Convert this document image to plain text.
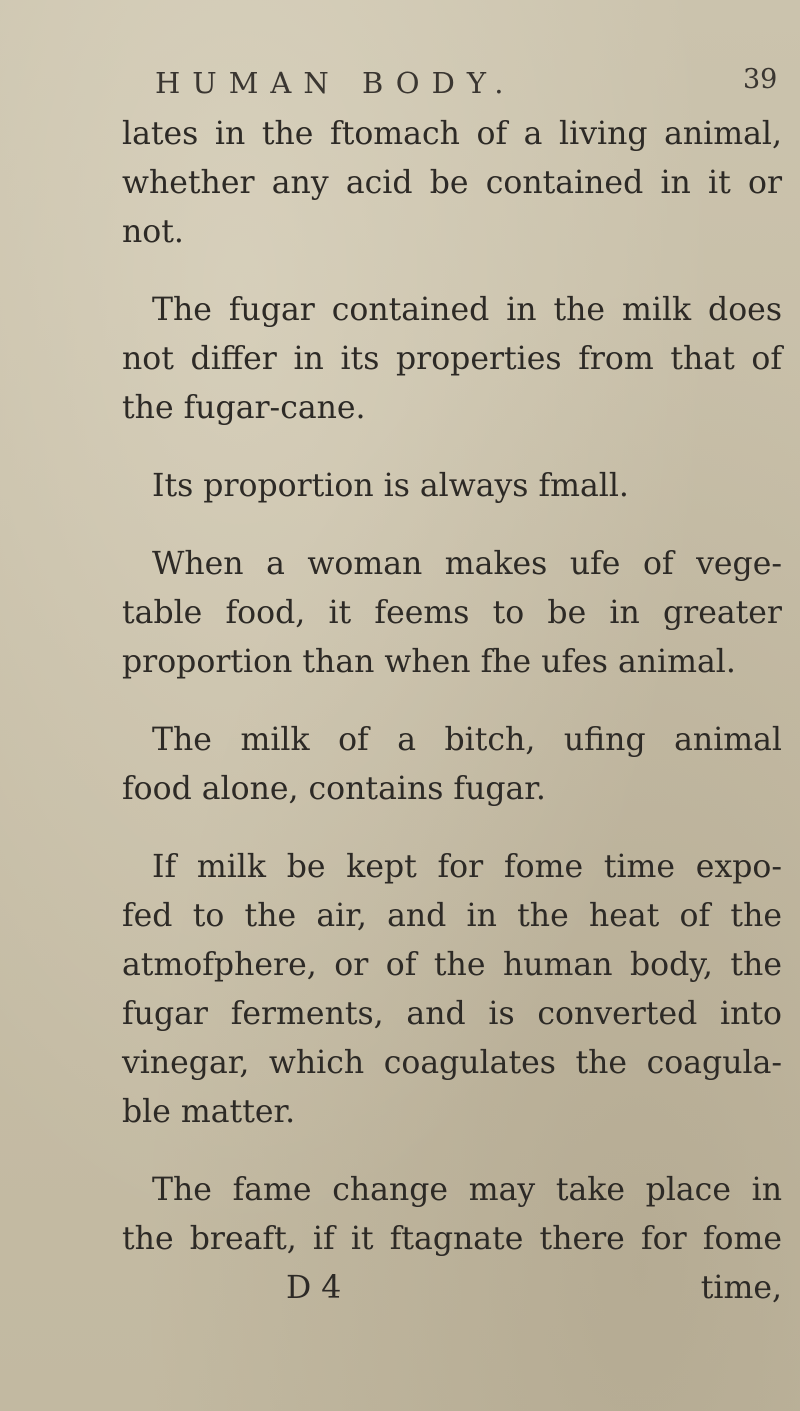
HUMAN BODY.	39
lates in the ftomach of a living animal,
whether any acid be contained in it or
not.
The fugar contained in the milk does
not differ in its properties from that of
the fugar-cane.
Its proportion is always fmall.
When a woman makes ufe of vege-
table food, it feems to be in greater
proportion than when fhe ufes animal.
The milk of a bitch, ufing animal
food alone, contains fugar.
If milk be kept for fome time expo-
fed to the air, and in the heat of the
atmofphere, or of the human body, the
fugar ferments, and is converted into
vinegar, which coagulates the coagula-
ble matter.
The fame change may take place in
the breaft, if it ftagnate there for fome
D 4	time,
